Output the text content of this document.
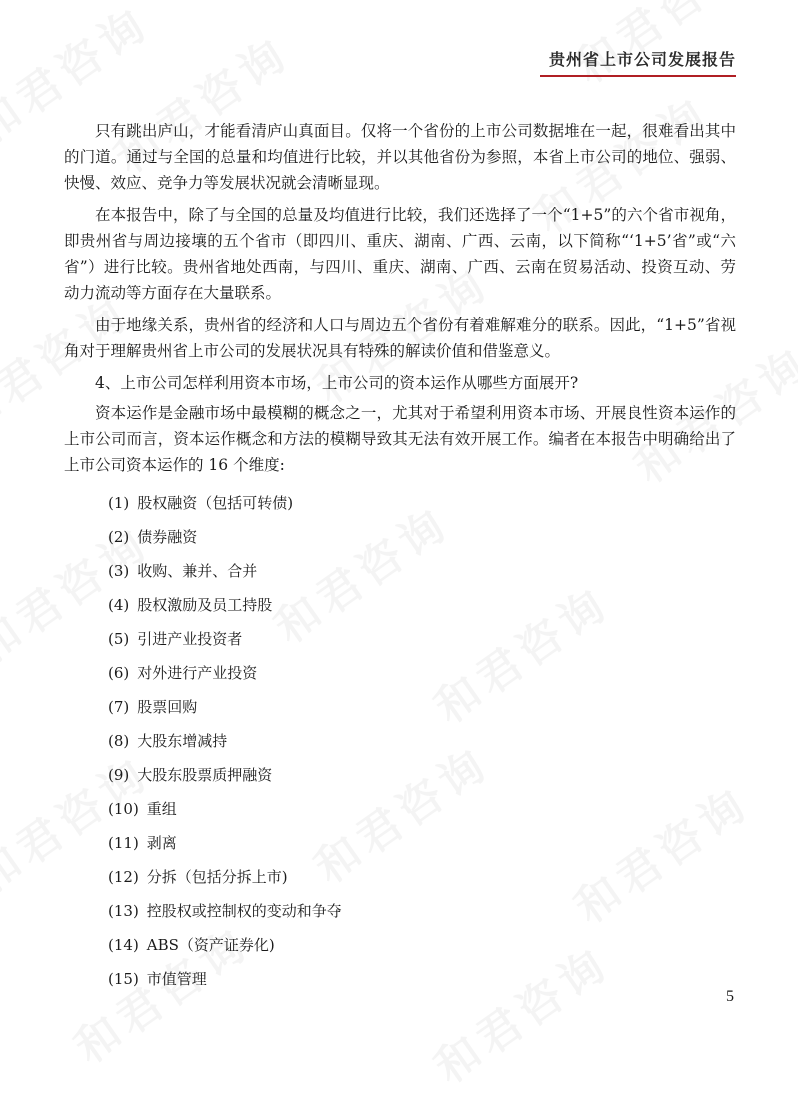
贵州省上市公司发展报告

只有跳出庐山，才能看清庐山真面目。仅将一个省份的上市公司数据堆在一起，很难看出其中的门道。通过与全国的总量和均值进行比较，并以其他省份为参照，本省上市公司的地位、强弱、快慢、效应、竞争力等发展状况就会清晰显现。

在本报告中，除了与全国的总量及均值进行比较，我们还选择了一个“1+5”的六个省市视角，即贵州省与周边接壤的五个省市（即四川、重庆、湖南、广西、云南，以下简称“‘1+5’省”或“六省”）进行比较。贵州省地处西南，与四川、重庆、湖南、广西、云南在贸易活动、投资互动、劳动力流动等方面存在大量联系。

由于地缘关系，贵州省的经济和人口与周边五个省份有着难解难分的联系。因此，“1+5”省视角对于理解贵州省上市公司的发展状况具有特殊的解读价值和借鉴意义。

4、上市公司怎样利用资本市场，上市公司的资本运作从哪些方面展开?

资本运作是金融市场中最模糊的概念之一，尤其对于希望利用资本市场、开展良性资本运作的上市公司而言，资本运作概念和方法的模糊导致其无法有效开展工作。编者在本报告中明确给出了上市公司资本运作的 16 个维度:

(1) 股权融资（包括可转债)
(2) 债券融资
(3) 收购、兼并、合并
(4) 股权激励及员工持股
(5) 引进产业投资者
(6) 对外进行产业投资
(7) 股票回购
(8) 大股东增减持
(9) 大股东股票质押融资
(10) 重组
(11) 剥离
(12) 分拆（包括分拆上市)
(13) 控股权或控制权的变动和争夺
(14) ABS（资产证券化)
(15) 市值管理
5
